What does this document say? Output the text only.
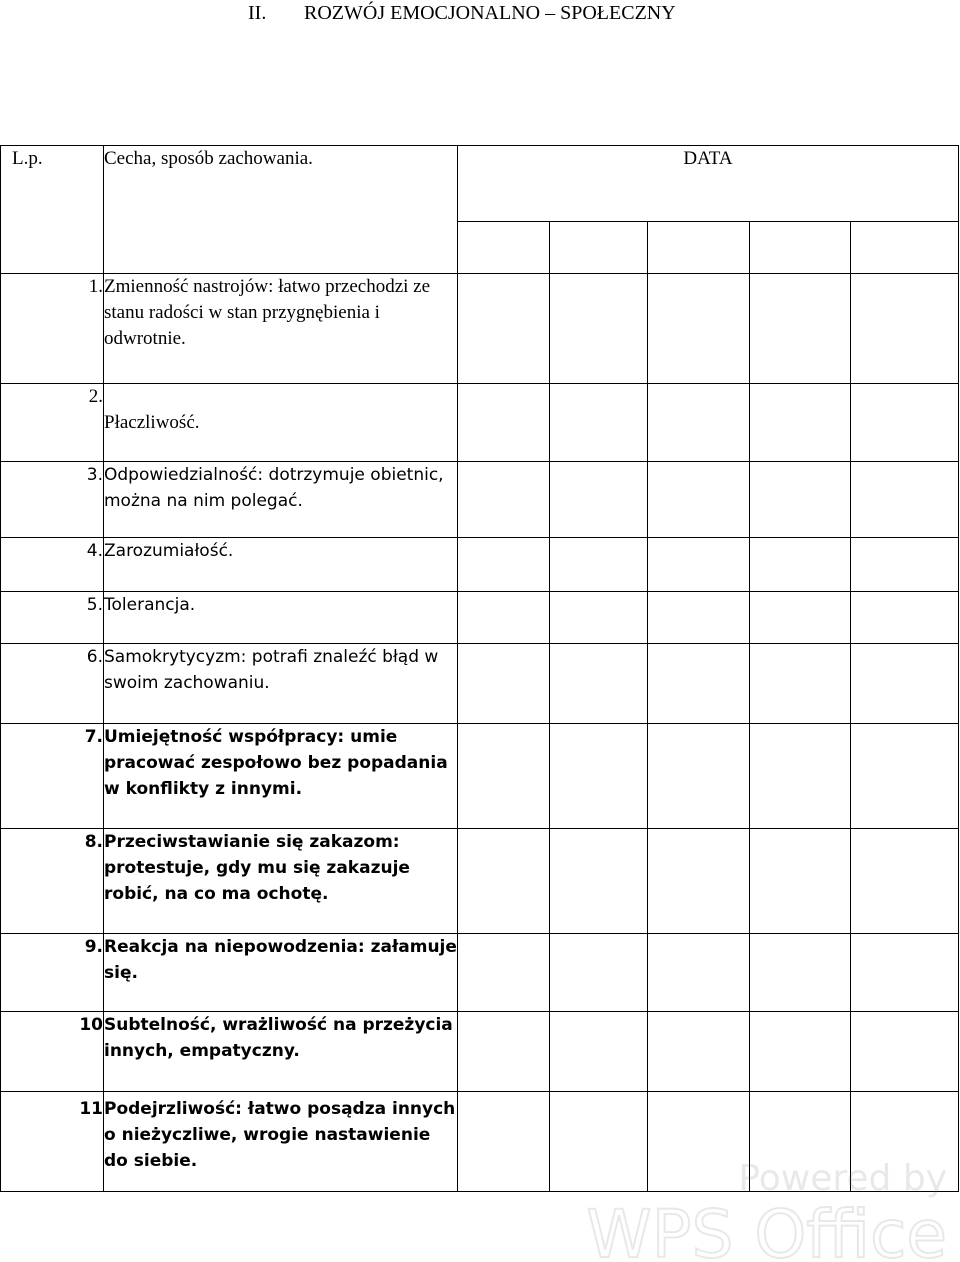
II. ROZWÓJ EMOCJONALNO – SPOŁECZNY
L.p.	Cecha, sposób zachowania.	DATA				

1.	Zmienność nastrojów: łatwo przechodzi ze stanu radości w stan przygnębienia i odwrotnie.					
2.	Płaczliwość.					
3.	Odpowiedzialność: dotrzymuje obietnic, można na nim polegać.					
4.	Zarozumiałość.					
5.	Tolerancja.					
6.	Samokrytycyzm: potrafi znaleźć błąd w swoim zachowaniu.					
7.	Umiejętność współpracy: umie pracować zespołowo bez popadania w konflikty z innymi.					
8.	Przeciwstawianie się zakazom: protestuje, gdy mu się zakazuje robić, na co ma ochotę.					
9.	Reakcja na niepowodzenia: załamuje się.					
10	Subtelność, wrażliwość na przeżycia innych, empatyczny.					
11	Podejrzliwość: łatwo posądza innych o nieżyczliwe, wrogie nastawienie do siebie.						Powered by
WPS Office
